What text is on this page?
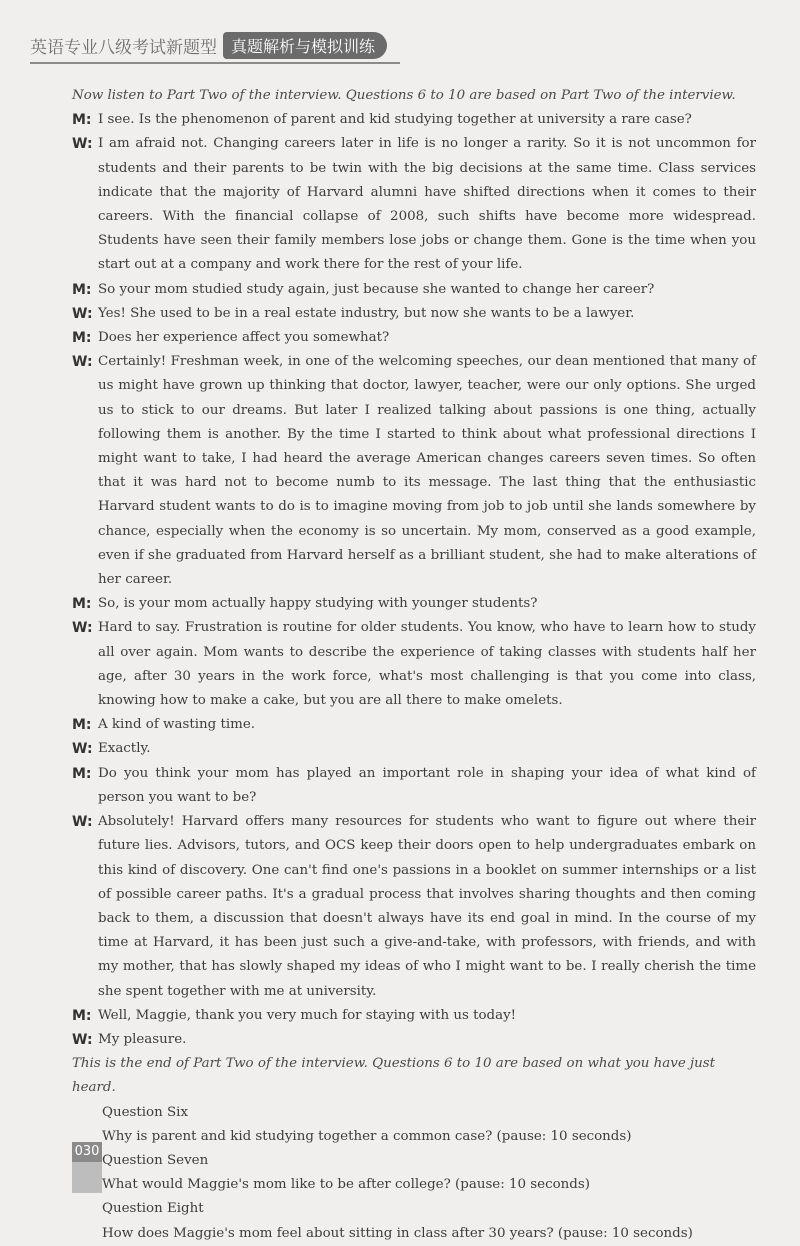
英语专业八级考试新题型 真题解析与模拟训练

Now listen to Part Two of the interview. Questions 6 to 10 are based on Part Two of the interview.

M: I see. Is the phenomenon of parent and kid studying together at university a rare case?
W: I am afraid not. Changing careers later in life is no longer a rarity. So it is not uncommon for students and their parents to be twin with the big decisions at the same time. Class services indicate that the majority of Harvard alumni have shifted directions when it comes to their careers. With the financial collapse of 2008, such shifts have become more widespread. Students have seen their family members lose jobs or change them. Gone is the time when you start out at a company and work there for the rest of your life.
M: So your mom studied study again, just because she wanted to change her career?
W: Yes! She used to be in a real estate industry, but now she wants to be a lawyer.
M: Does her experience affect you somewhat?
W: Certainly! Freshman week, in one of the welcoming speeches, our dean mentioned that many of us might have grown up thinking that doctor, lawyer, teacher, were our only options. She urged us to stick to our dreams. But later I realized talking about passions is one thing, actually following them is another. By the time I started to think about what professional directions I might want to take, I had heard the average American changes careers seven times. So often that it was hard not to become numb to its message. The last thing that the enthusiastic Harvard student wants to do is to imagine moving from job to job until she lands somewhere by chance, especially when the economy is so uncertain. My mom, conserved as a good example, even if she graduated from Harvard herself as a brilliant student, she had to make alterations of her career.
M: So, is your mom actually happy studying with younger students?
W: Hard to say. Frustration is routine for older students. You know, who have to learn how to study all over again. Mom wants to describe the experience of taking classes with students half her age, after 30 years in the work force, what's most challenging is that you come into class, knowing how to make a cake, but you are all there to make omelets.
M: A kind of wasting time.
W: Exactly.
M: Do you think your mom has played an important role in shaping your idea of what kind of person you want to be?
W: Absolutely! Harvard offers many resources for students who want to figure out where their future lies. Advisors, tutors, and OCS keep their doors open to help undergraduates embark on this kind of discovery. One can't find one's passions in a booklet on summer internships or a list of possible career paths. It's a gradual process that involves sharing thoughts and then coming back to them, a discussion that doesn't always have its end goal in mind. In the course of my time at Harvard, it has been just such a give-and-take, with professors, with friends, and with my mother, that has slowly shaped my ideas of who I might want to be. I really cherish the time she spent together with me at university.
M: Well, Maggie, thank you very much for staying with us today!
W: My pleasure.

This is the end of Part Two of the interview. Questions 6 to 10 are based on what you have just heard.

Question Six

Why is parent and kid studying together a common case? (pause: 10 seconds)

Question Seven

What would Maggie's mom like to be after college? (pause: 10 seconds)

Question Eight

How does Maggie's mom feel about sitting in class after 30 years? (pause: 10 seconds)

030
